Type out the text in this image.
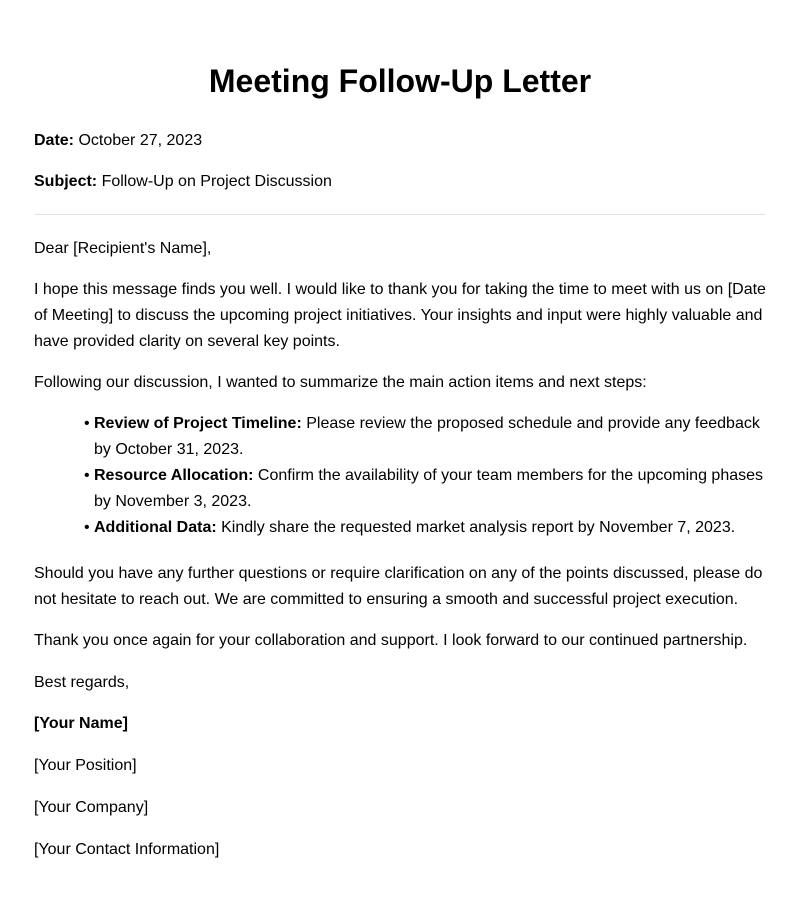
Meeting Follow-Up Letter

Date: October 27, 2023

Subject: Follow-Up on Project Discussion

Dear [Recipient's Name],

I hope this message finds you well. I would like to thank you for taking the time to meet with us on [Date of Meeting] to discuss the upcoming project initiatives. Your insights and input were highly valuable and have provided clarity on several key points.

Following our discussion, I wanted to summarize the main action items and next steps:

• Review of Project Timeline: Please review the proposed schedule and provide any feedback by October 31, 2023.
• Resource Allocation: Confirm the availability of your team members for the upcoming phases by November 3, 2023.
• Additional Data: Kindly share the requested market analysis report by November 7, 2023.

Should you have any further questions or require clarification on any of the points discussed, please do not hesitate to reach out. We are committed to ensuring a smooth and successful project execution.

Thank you once again for your collaboration and support. I look forward to our continued partnership.

Best regards,

[Your Name]

[Your Position]

[Your Company]

[Your Contact Information]
